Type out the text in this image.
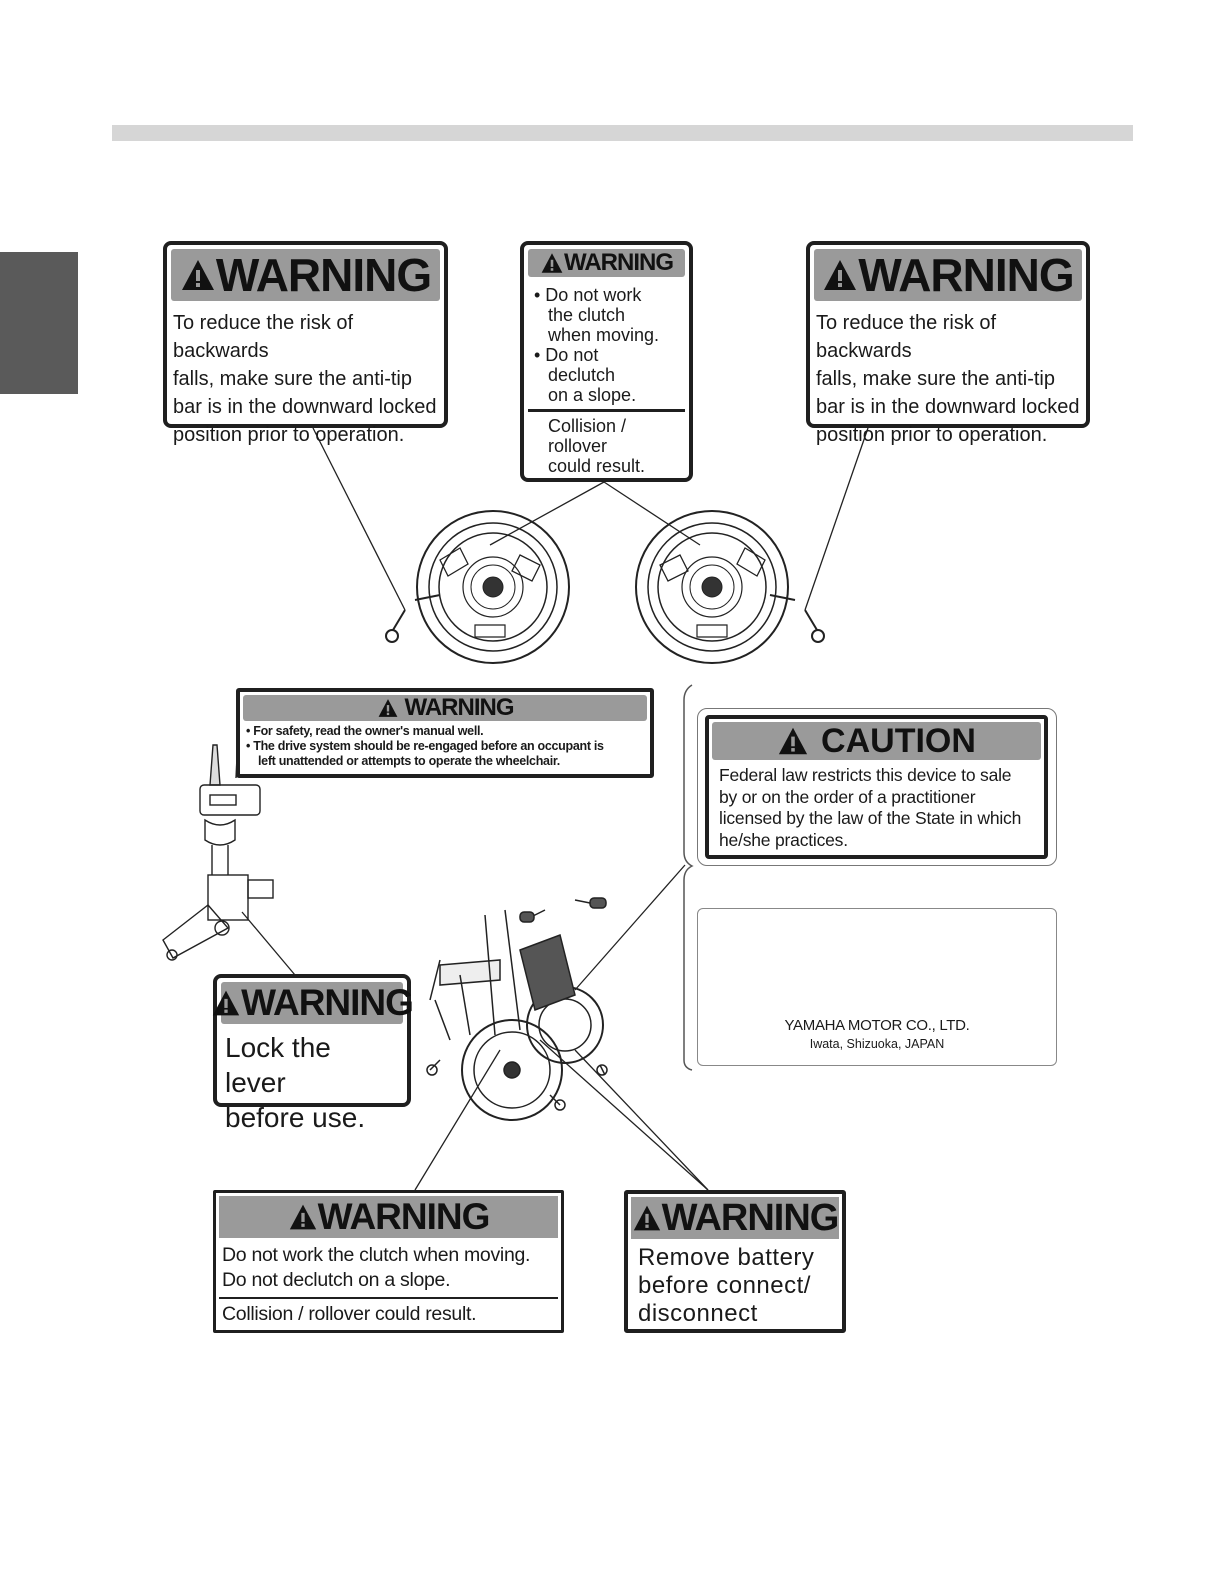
WARNING
To reduce the risk of backwards
falls, make sure the anti-tip
bar is in the downward locked
position prior to operation.
WARNING
• Do not work
the clutch
when moving.
• Do not
declutch
on a slope.
Collision /
rollover
could result.
WARNING
To reduce the risk of backwards
falls, make sure the anti-tip
bar is in the downward locked
position prior to operation.
WARNING
• For safety, read the owner's manual well.
• The drive system should be re-engaged before an occupant is
left unattended or attempts to operate the wheelchair.
CAUTION
Federal law restricts this device to sale
by or on the order of a practitioner
licensed by the law of the State in which
he/she practices.
YAMAHA MOTOR CO., LTD.
Iwata, Shizuoka, JAPAN
WARNING
Lock the lever
before use.
WARNING
Do not work the clutch when moving.
Do not declutch on a slope.
Collision / rollover could result.
WARNING
Remove battery
before connect/
disconnect
